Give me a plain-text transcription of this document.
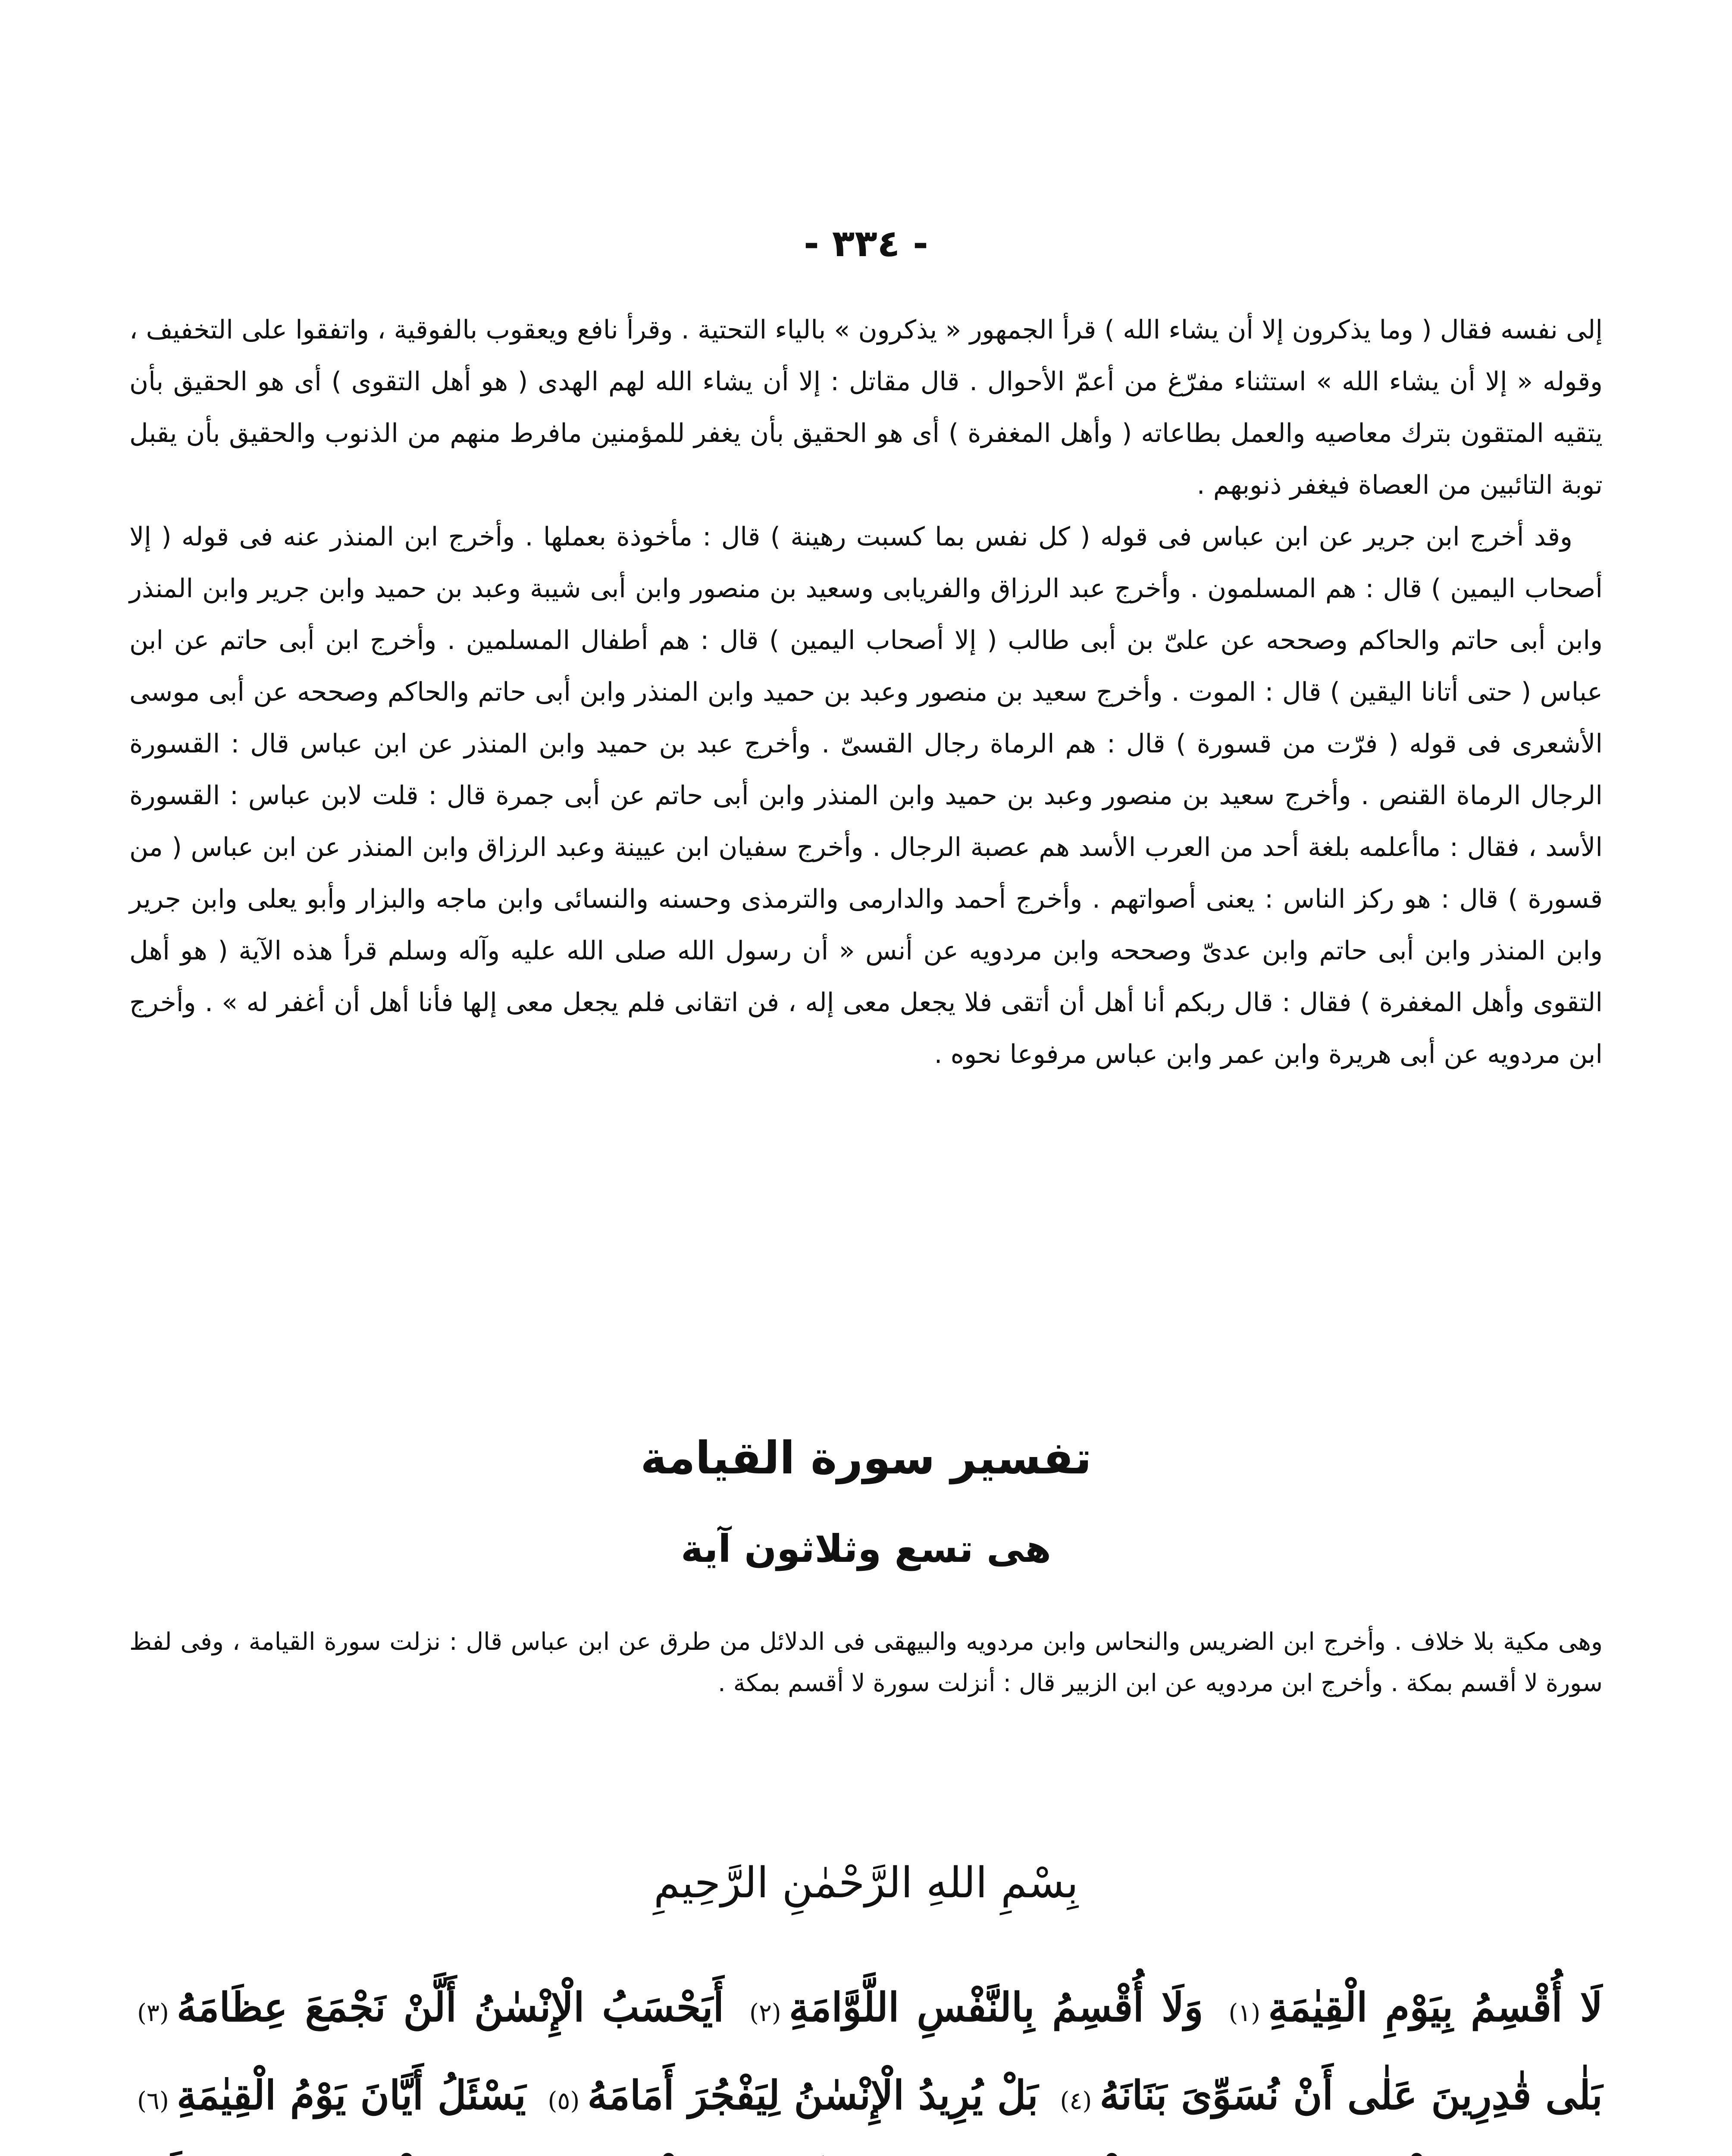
- ٣٣٤ -

إلى نفسه فقال ( وما يذكرون إلا أن يشاء الله ) قرأ الجمهور « يذكرون » بالياء التحتية . وقرأ نافع ويعقوب بالفوقية ، واتفقوا على التخفيف ، وقوله « إلا أن يشاء الله » استثناء مفرّغ من أعمّ الأحوال . قال مقاتل : إلا أن يشاء الله لهم الهدى ( هو أهل التقوى ) أى هو الحقيق بأن يتقيه المتقون بترك معاصيه والعمل بطاعاته ( وأهل المغفرة ) أى هو الحقيق بأن يغفر للمؤمنين مافرط منهم من الذنوب والحقيق بأن يقبل توبة التائبين من العصاة فيغفر ذنوبهم .

وقد أخرج ابن جرير عن ابن عباس فى قوله ( كل نفس بما كسبت رهينة ) قال : مأخوذة بعملها . وأخرج ابن المنذر عنه فى قوله ( إلا أصحاب اليمين ) قال : هم المسلمون . وأخرج عبد الرزاق والفريابى وسعيد بن منصور وابن أبى شيبة وعبد بن حميد وابن جرير وابن المنذر وابن أبى حاتم والحاكم وصححه عن علىّ بن أبى طالب ( إلا أصحاب اليمين ) قال : هم أطفال المسلمين . وأخرج ابن أبى حاتم عن ابن عباس ( حتى أتانا اليقين ) قال : الموت . وأخرج سعيد بن منصور وعبد بن حميد وابن المنذر وابن أبى حاتم والحاكم وصححه عن أبى موسى الأشعرى فى قوله ( فرّت من قسورة ) قال : هم الرماة رجال القسىّ . وأخرج عبد بن حميد وابن المنذر عن ابن عباس قال : القسورة الرجال الرماة القنص . وأخرج سعيد بن منصور وعبد بن حميد وابن المنذر وابن أبى حاتم عن أبى جمرة قال : قلت لابن عباس : القسورة الأسد ، فقال : ماأعلمه بلغة أحد من العرب الأسد هم عصبة الرجال . وأخرج سفيان ابن عيينة وعبد الرزاق وابن المنذر عن ابن عباس ( من قسورة ) قال : هو ركز الناس : يعنى أصواتهم . وأخرج أحمد والدارمى والترمذى وحسنه والنسائى وابن ماجه والبزار وأبو يعلى وابن جرير وابن المنذر وابن أبى حاتم وابن عدىّ وصححه وابن مردويه عن أنس « أن رسول الله صلى الله عليه وآله وسلم قرأ هذه الآية ( هو أهل التقوى وأهل المغفرة ) فقال : قال ربكم أنا أهل أن أتقى فلا يجعل معى إله ، فن اتقانى فلم يجعل معى إلها فأنا أهل أن أغفر له » . وأخرج ابن مردويه عن أبى هريرة وابن عمر وابن عباس مرفوعا نحوه .

تفسير سورة القيامة
هى تسع وثلاثون آية

وهى مكية بلا خلاف . وأخرج ابن الضريس والنحاس وابن مردويه والبيهقى فى الدلائل من طرق عن ابن عباس قال : نزلت سورة القيامة ، وفى لفظ سورة لا أقسم بمكة . وأخرج ابن مردويه عن ابن الزبير قال : أنزلت سورة لا أقسم بمكة .

بِسْمِ اللهِ الرَّحْمٰنِ الرَّحِيمِ

لَا أُقْسِمُ بِيَوْمِ الْقِيٰمَةِ(١) وَلَا أُقْسِمُ بِالنَّفْسِ اللَّوَّامَةِ(٢) أَيَحْسَبُ الْإِنْسٰنُ أَلَّنْ نَجْمَعَ عِظَامَهُ(٣) بَلٰى قٰدِرِينَ عَلٰى أَنْ نُسَوِّىَ بَنَانَهُ(٤) بَلْ يُرِيدُ الْإِنْسٰنُ لِيَفْجُرَ أَمَامَهُ(٥) يَسْئَلُ أَيَّانَ يَوْمُ الْقِيٰمَةِ(٦)
